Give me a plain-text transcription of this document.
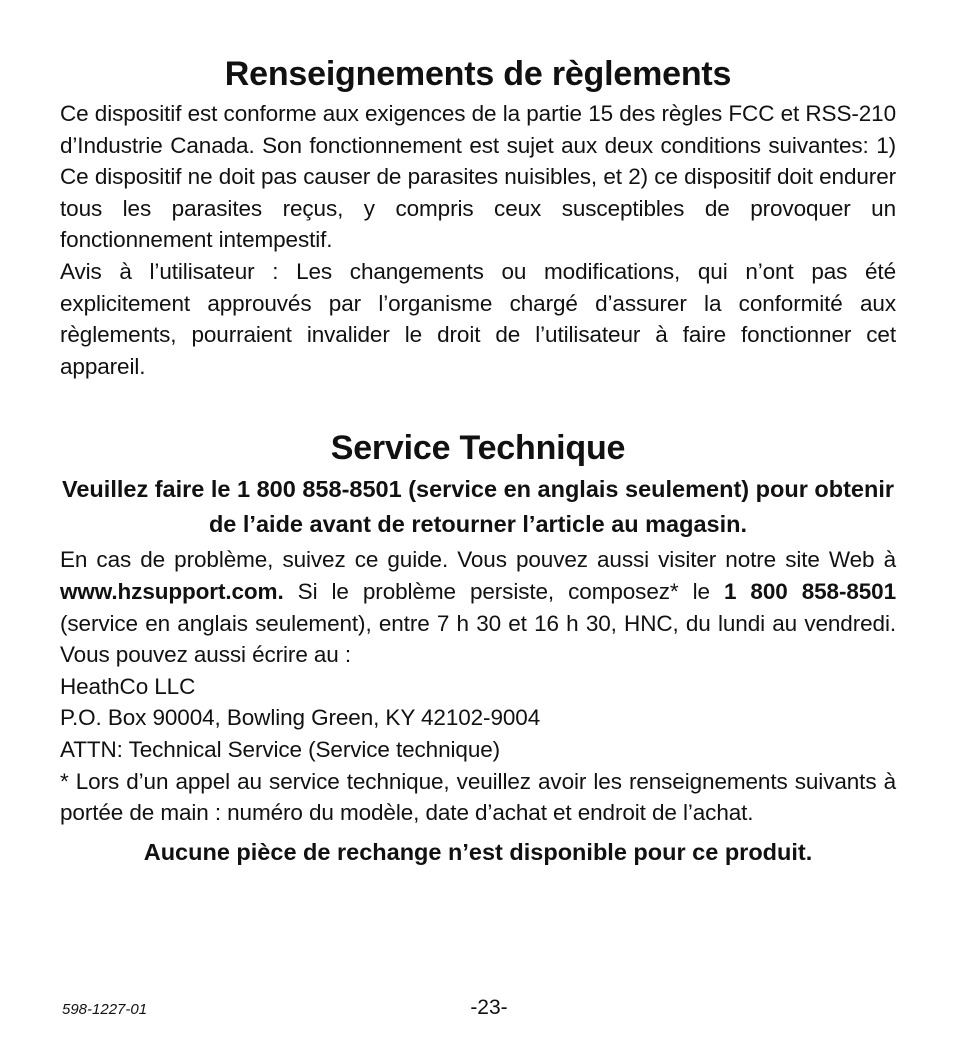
Renseignements de règlements

Ce dispositif est conforme aux exigences de la partie 15 des règles FCC et RSS-210 d’Industrie Canada. Son fonctionnement est sujet aux deux conditions suivantes: 1) Ce dispositif ne doit pas causer de parasites nuisibles, et 2) ce dispositif doit endurer tous les parasites reçus, y compris ceux susceptibles de provoquer un fonctionnement intempestif.

Avis à l’utilisateur : Les changements ou modifications, qui n’ont pas été explicitement approuvés par l’organisme chargé d’assurer la conformité aux règlements, pourraient invalider le droit de l’utilisateur à faire fonctionner cet appareil.

Service Technique
Veuillez faire le 1 800 858-8501 (service en anglais seulement) pour obtenir de l’aide avant de retourner l’article au magasin.

En cas de problème, suivez ce guide. Vous pouvez aussi visiter notre site Web à www.hzsupport.com. Si le problème persiste, composez* le 1 800 858-8501 (service en anglais seulement), entre 7 h 30 et 16 h 30, HNC, du lundi au vendredi. Vous pouvez aussi écrire au :

HeathCo LLC

P.O. Box 90004, Bowling Green, KY 42102-9004

ATTN: Technical Service (Service technique)

* Lors d’un appel au service technique, veuillez avoir les renseignements suivants à portée de main : numéro du modèle, date d’achat et endroit de l’achat.

Aucune pièce de rechange n’est disponible pour ce produit.
598-1227-01	-23-
